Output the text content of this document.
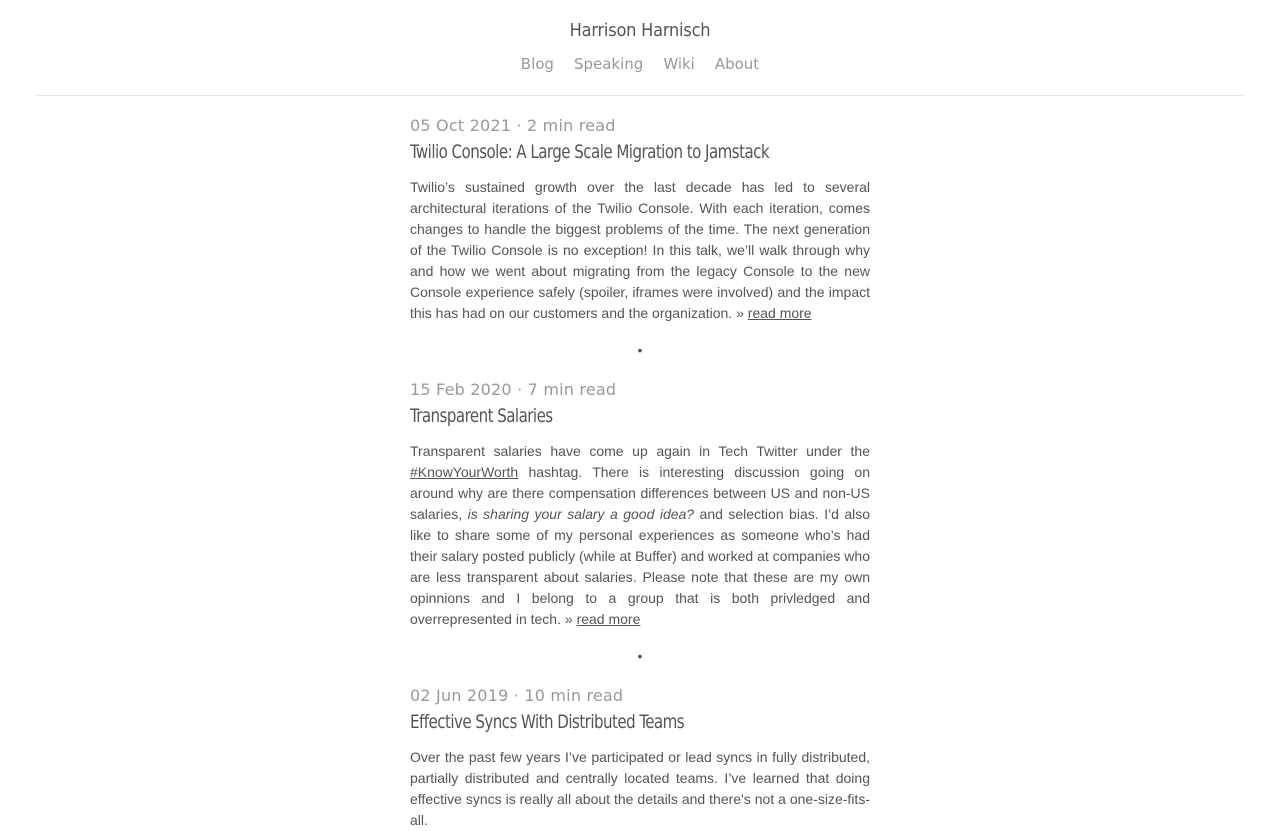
Harrison Harnisch
Blog Speaking Wiki About
05 Oct 2021 · 2 min read
Twilio Console: A Large Scale Migration to Jamstack

Twilio’s sustained growth over the last decade has led to several architectural iterations of the Twilio Console. With each iteration, comes changes to handle the biggest problems of the time. The next generation of the Twilio Console is no exception! In this talk, we’ll walk through why and how we went about migrating from the legacy Console to the new Console experience safely (spoiler, iframes were involved) and the impact this has had on our customers and the organization. » read more

•
15 Feb 2020 · 7 min read
Transparent Salaries

Transparent salaries have come up again in Tech Twitter under the #KnowYourWorth hashtag. There is interesting discussion going on around why are there compensation differences between US and non-US salaries, is sharing your salary a good idea? and selection bias. I’d also like to share some of my personal experiences as someone who’s had their salary posted publicly (while at Buffer) and worked at companies who are less transparent about salaries. Please note that these are my own opinnions and I belong to a group that is both privledged and overrepresented in tech. » read more

•
02 Jun 2019 · 10 min read
Effective Syncs With Distributed Teams

Over the past few years I’ve participated or lead syncs in fully distributed, partially distributed and centrally located teams. I’ve learned that doing effective syncs is really all about the details and there's not a one-size-fits-all.
